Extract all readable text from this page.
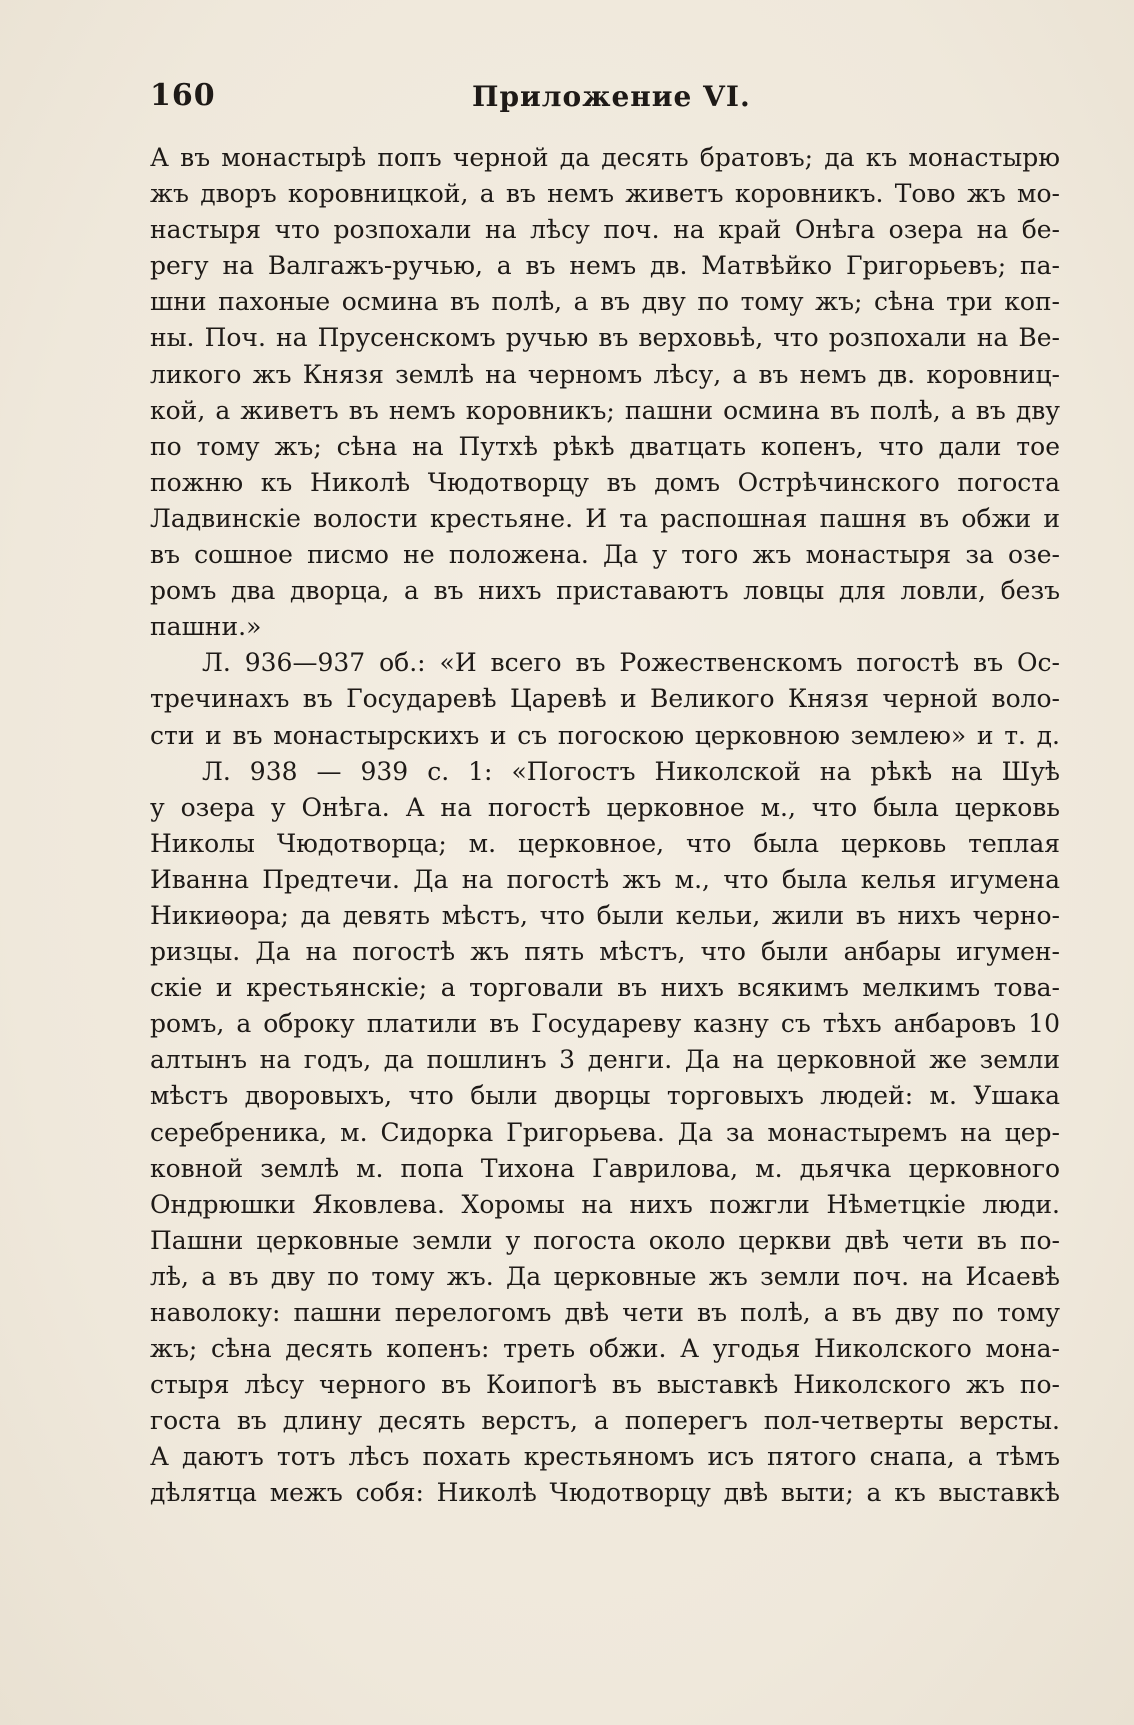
160	Приложение VI.
А въ монастырѣ попъ черной да десять братовъ; да къ монастырю
жъ дворъ коровницкой, а въ немъ живетъ коровникъ. Тово жъ мо-
настыря что розпохали на лѣсу поч. на край Онѣга озера на бе-
регу на Валгажъ-ручью, а въ немъ дв. Матвѣйко Григорьевъ; па-
шни пахоные осмина въ полѣ, а въ дву по тому жъ; сѣна три коп-
ны. Поч. на Прусенскомъ ручью въ верховьѣ, что розпохали на Ве-
ликого жъ Князя землѣ на черномъ лѣсу, а въ немъ дв. коровниц-
кой, а живетъ въ немъ коровникъ; пашни осмина въ полѣ, а въ дву
по тому жъ; сѣна на Путхѣ рѣкѣ дватцать копенъ, что дали тое
пожню къ Николѣ Чюдотворцу въ домъ Острѣчинского погоста
Ладвинскіе волости крестьяне. И та распошная пашня въ обжи и
въ сошное писмо не положена. Да у того жъ монастыря за озе-
ромъ два дворца, а въ нихъ приставаютъ ловцы для ловли, безъ
пашни.»
Л. 936—937 об.: «И всего въ Рожественскомъ погостѣ въ Ос-
тречинахъ въ Государевѣ Царевѣ и Великого Князя черной воло-
сти и въ монастырскихъ и съ погоскою церковною землею» и т. д.
Л. 938 — 939 с. 1: «Погостъ Николской на рѣкѣ на Шуѣ
у озера у Онѣга. А на погостѣ церковное м., что была церковь
Николы Чюдотворца; м. церковное, что была церковь теплая
Иванна Предтечи. Да на погостѣ жъ м., что была келья игумена
Никиѳора; да девять мѣстъ, что были кельи, жили въ нихъ черно-
ризцы. Да на погостѣ жъ пять мѣстъ, что были анбары игумен-
скіе и крестьянскіе; а торговали въ нихъ всякимъ мелкимъ това-
ромъ, а оброку платили въ Государеву казну съ тѣхъ анбаровъ 10
алтынъ на годъ, да пошлинъ 3 денги. Да на церковной же земли
мѣстъ дворовыхъ, что были дворцы торговыхъ людей: м. Ушака
серебреника, м. Сидорка Григорьева. Да за монастыремъ на цер-
ковной землѣ м. попа Тихона Гаврилова, м. дьячка церковного
Ондрюшки Яковлева. Хоромы на нихъ пожгли Нѣметцкіе люди.
Пашни церковные земли у погоста около церкви двѣ чети въ по-
лѣ, а въ дву по тому жъ. Да церковные жъ земли поч. на Исаевѣ
наволоку: пашни перелогомъ двѣ чети въ полѣ, а въ дву по тому
жъ; сѣна десять копенъ: треть обжи. А угодья Николского мона-
стыря лѣсу черного въ Коипогѣ въ выставкѣ Николского жъ по-
госта въ длину десять верстъ, а поперегъ пол-четверты версты.
А даютъ тотъ лѣсъ похать крестьяномъ исъ пятого снапа, а тѣмъ
дѣлятца межъ собя: Николѣ Чюдотворцу двѣ выти; а къ выставкѣ
